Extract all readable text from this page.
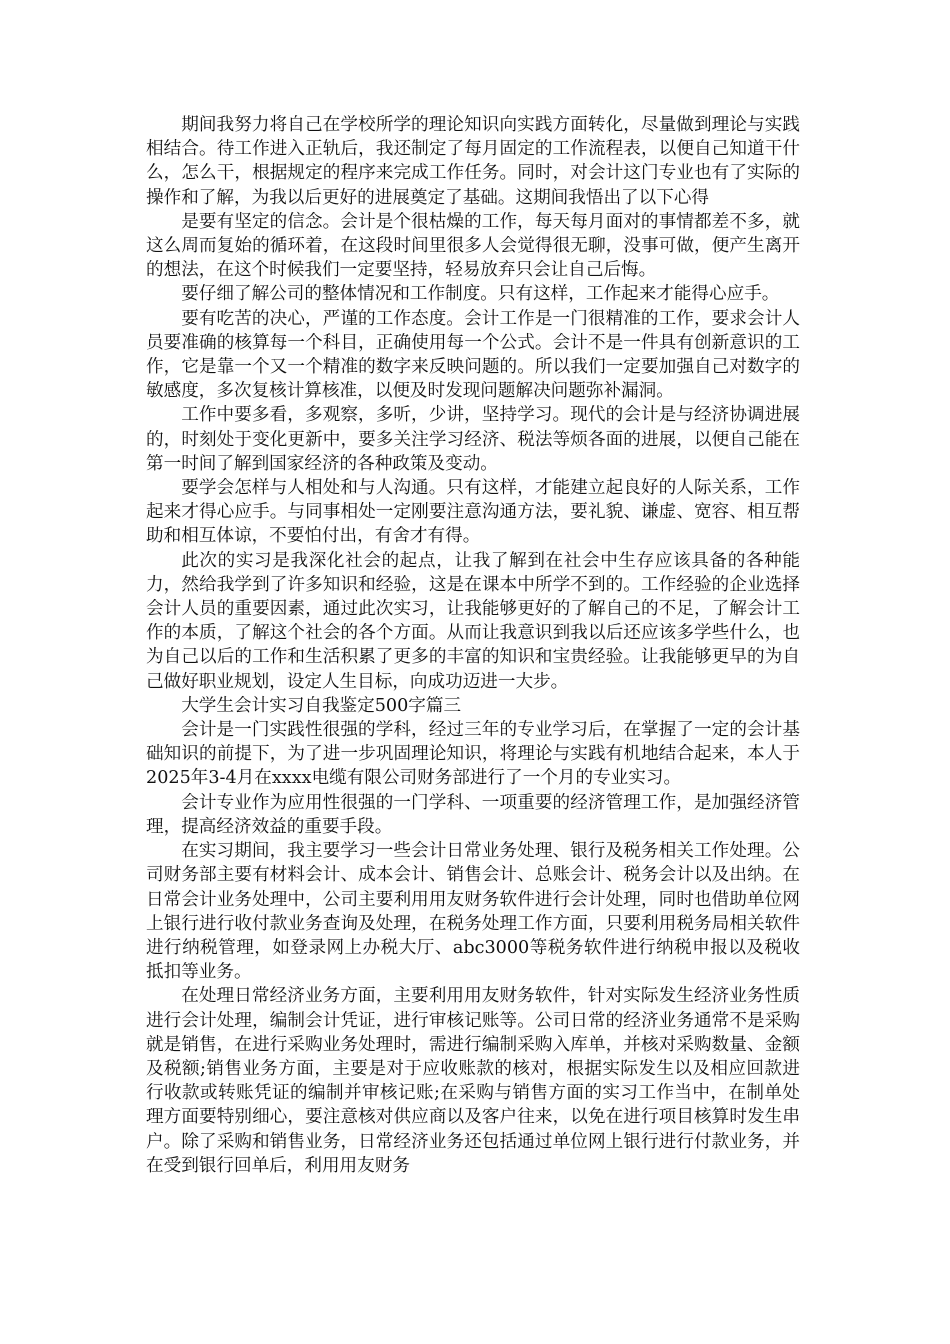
期间我努力将自己在学校所学的理论知识向实践方面转化，尽量做到理论与实践相结合。待工作进入正轨后，我还制定了每月固定的工作流程表，以便自己知道干什么，怎么干，根据规定的程序来完成工作任务。同时，对会计这门专业也有了实际的操作和了解，为我以后更好的进展奠定了基础。这期间我悟出了以下心得

是要有坚定的信念。会计是个很枯燥的工作，每天每月面对的事情都差不多，就这么周而复始的循环着，在这段时间里很多人会觉得很无聊，没事可做，便产生离开的想法，在这个时候我们一定要坚持，轻易放弃只会让自己后悔。

要仔细了解公司的整体情况和工作制度。只有这样，工作起来才能得心应手。

要有吃苦的决心，严谨的工作态度。会计工作是一门很精准的工作，要求会计人员要准确的核算每一个科目，正确使用每一个公式。会计不是一件具有创新意识的工作，它是靠一个又一个精准的数字来反映问题的。所以我们一定要加强自己对数字的敏感度，多次复核计算核准，以便及时发现问题解决问题弥补漏洞。

工作中要多看，多观察，多听，少讲，坚持学习。现代的会计是与经济协调进展的，时刻处于变化更新中，要多关注学习经济、税法等烦各面的进展，以便自己能在第一时间了解到国家经济的各种政策及变动。

要学会怎样与人相处和与人沟通。只有这样，才能建立起良好的人际关系，工作起来才得心应手。与同事相处一定刚要注意沟通方法，要礼貌、谦虚、宽容、相互帮助和相互体谅，不要怕付出，有舍才有得。

此次的实习是我深化社会的起点，让我了解到在社会中生存应该具备的各种能力，然给我学到了许多知识和经验，这是在课本中所学不到的。工作经验的企业选择会计人员的重要因素，通过此次实习，让我能够更好的了解自己的不足，了解会计工作的本质，了解这个社会的各个方面。从而让我意识到我以后还应该多学些什么，也为自己以后的工作和生活积累了更多的丰富的知识和宝贵经验。让我能够更早的为自己做好职业规划，设定人生目标，向成功迈进一大步。

大学生会计实习自我鉴定500字篇三

会计是一门实践性很强的学科，经过三年的专业学习后，在掌握了一定的会计基础知识的前提下，为了进一步巩固理论知识，将理论与实践有机地结合起来，本人于2025年3-4月在xxxx电缆有限公司财务部进行了一个月的专业实习。

会计专业作为应用性很强的一门学科、一项重要的经济管理工作，是加强经济管理，提高经济效益的重要手段。

在实习期间，我主要学习一些会计日常业务处理、银行及税务相关工作处理。公司财务部主要有材料会计、成本会计、销售会计、总账会计、税务会计以及出纳。在日常会计业务处理中，公司主要利用用友财务软件进行会计处理，同时也借助单位网上银行进行收付款业务查询及处理，在税务处理工作方面，只要利用税务局相关软件进行纳税管理，如登录网上办税大厅、abc3000等税务软件进行纳税申报以及税收抵扣等业务。

在处理日常经济业务方面，主要利用用友财务软件，针对实际发生经济业务性质进行会计处理，编制会计凭证，进行审核记账等。公司日常的经济业务通常不是采购就是销售，在进行采购业务处理时，需进行编制采购入库单，并核对采购数量、金额及税额;销售业务方面，主要是对于应收账款的核对，根据实际发生以及相应回款进行收款或转账凭证的编制并审核记账;在采购与销售方面的实习工作当中，在制单处理方面要特别细心，要注意核对供应商以及客户往来，以免在进行项目核算时发生串户。除了采购和销售业务，日常经济业务还包括通过单位网上银行进行付款业务，并在受到银行回单后，利用用友财务
